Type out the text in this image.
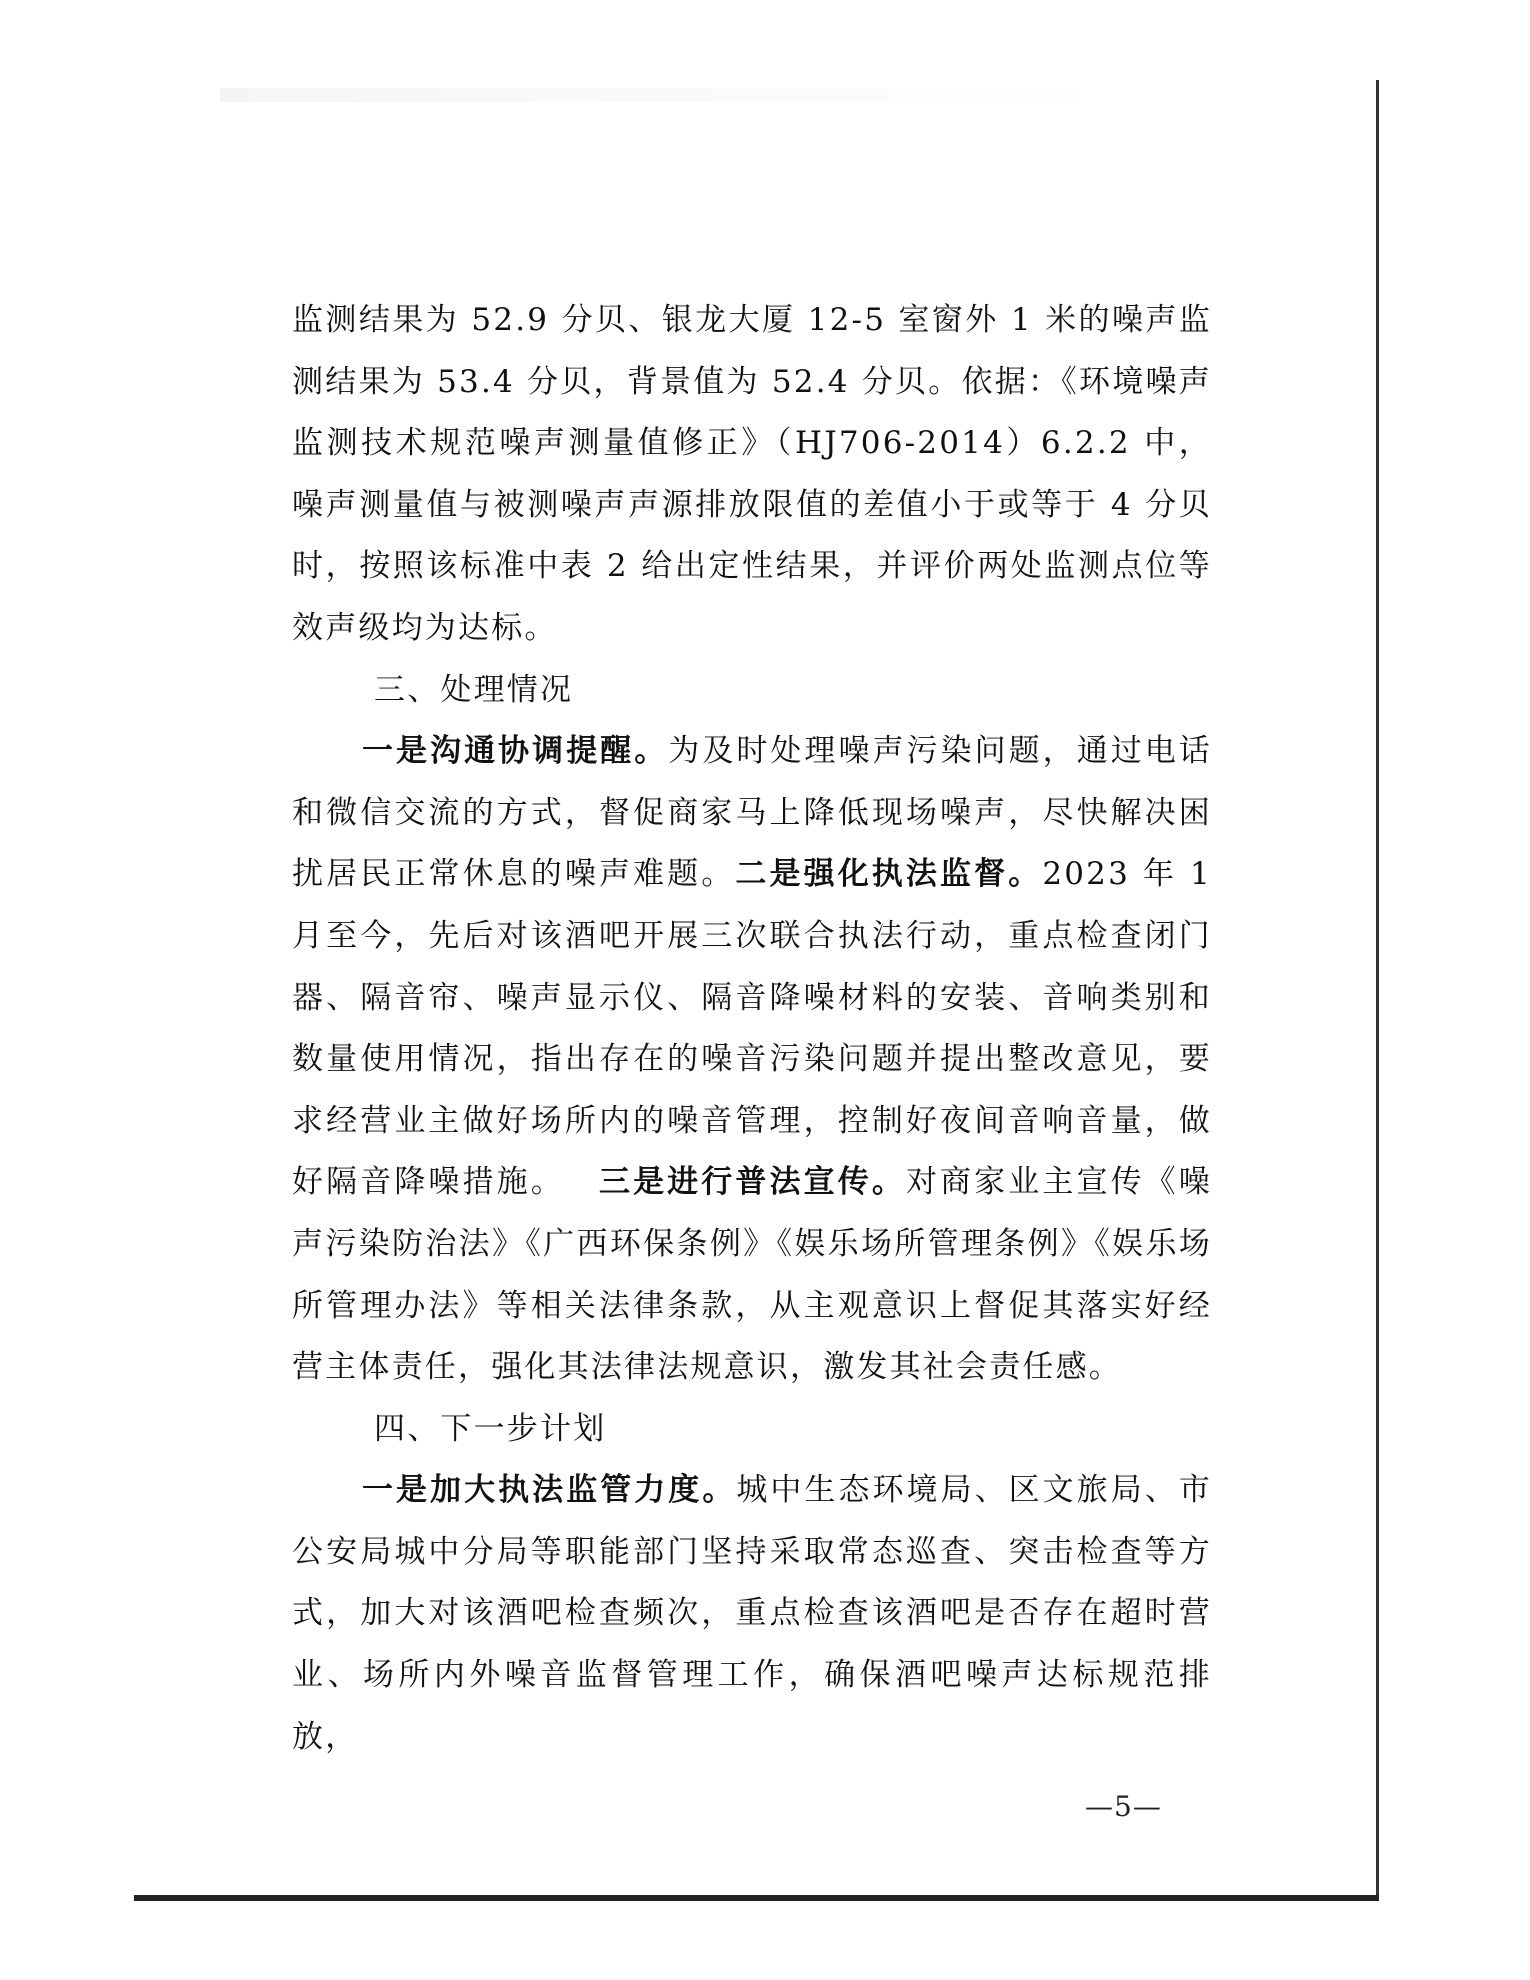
监测结果为 52.9 分贝、银龙大厦 12-5 室窗外 1 米的噪声监测结果为 53.4 分贝，背景值为 52.4 分贝。依据：《环境噪声监测技术规范噪声测量值修正》（HJ706-2014）6.2.2 中，噪声测量值与被测噪声声源排放限值的差值小于或等于 4 分贝时，按照该标准中表 2 给出定性结果，并评价两处监测点位等效声级均为达标。

三、处理情况

一是沟通协调提醒。为及时处理噪声污染问题，通过电话和微信交流的方式，督促商家马上降低现场噪声，尽快解决困扰居民正常休息的噪声难题。二是强化执法监督。2023 年 1 月至今，先后对该酒吧开展三次联合执法行动，重点检查闭门器、隔音帘、噪声显示仪、隔音降噪材料的安装、音响类别和数量使用情况，指出存在的噪音污染问题并提出整改意见，要求经营业主做好场所内的噪音管理，控制好夜间音响音量，做好隔音降噪措施。  三是进行普法宣传。对商家业主宣传《噪声污染防治法》《广西环保条例》《娱乐场所管理条例》《娱乐场所管理办法》等相关法律条款，从主观意识上督促其落实好经营主体责任，强化其法律法规意识，激发其社会责任感。

四、下一步计划

一是加大执法监管力度。城中生态环境局、区文旅局、市公安局城中分局等职能部门坚持采取常态巡查、突击检查等方式，加大对该酒吧检查频次，重点检查该酒吧是否存在超时营业、场所内外噪音监督管理工作，确保酒吧噪声达标规范排放，

—5—
